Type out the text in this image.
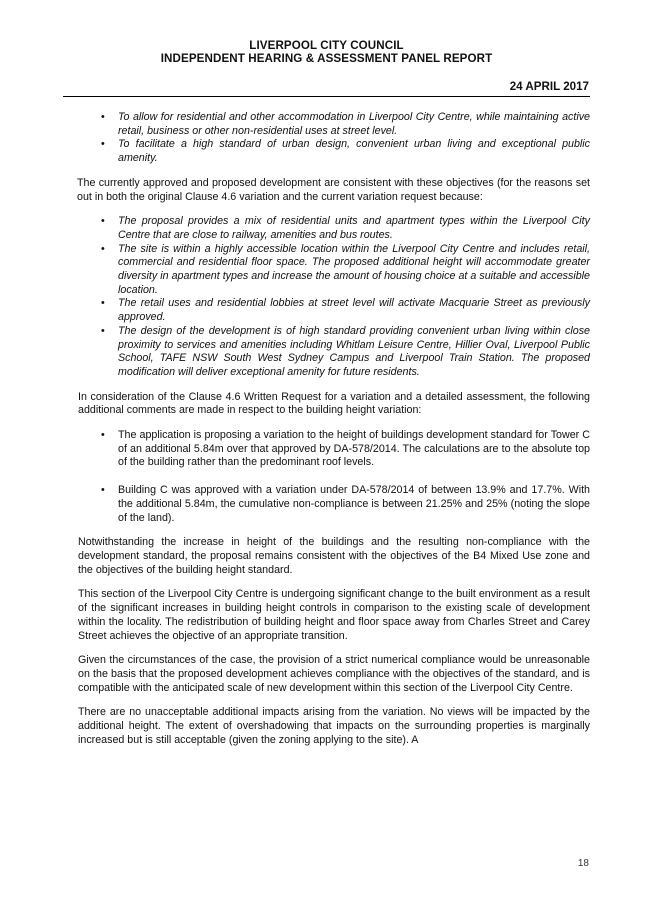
LIVERPOOL CITY COUNCIL
INDEPENDENT HEARING & ASSESSMENT PANEL REPORT
24 APRIL 2017
• To allow for residential and other accommodation in Liverpool City Centre, while maintaining active retail, business or other non-residential uses at street level.
• To facilitate a high standard of urban design, convenient urban living and exceptional public amenity.

The currently approved and proposed development are consistent with these objectives (for the reasons set out in both the original Clause 4.6 variation and the current variation request because:

• The proposal provides a mix of residential units and apartment types within the Liverpool City Centre that are close to railway, amenities and bus routes.
• The site is within a highly accessible location within the Liverpool City Centre and includes retail, commercial and residential floor space. The proposed additional height will accommodate greater diversity in apartment types and increase the amount of housing choice at a suitable and accessible location.
• The retail uses and residential lobbies at street level will activate Macquarie Street as previously approved.
• The design of the development is of high standard providing convenient urban living within close proximity to services and amenities including Whitlam Leisure Centre, Hillier Oval, Liverpool Public School, TAFE NSW South West Sydney Campus and Liverpool Train Station. The proposed modification will deliver exceptional amenity for future residents.

In consideration of the Clause 4.6 Written Request for a variation and a detailed assessment, the following additional comments are made in respect to the building height variation:

• The application is proposing a variation to the height of buildings development standard for Tower C of an additional 5.84m over that approved by DA-578/2014. The calculations are to the absolute top of the building rather than the predominant roof levels.
• Building C was approved with a variation under DA-578/2014 of between 13.9% and 17.7%. With the additional 5.84m, the cumulative non-compliance is between 21.25% and 25% (noting the slope of the land).

Notwithstanding the increase in height of the buildings and the resulting non-compliance with the development standard, the proposal remains consistent with the objectives of the B4 Mixed Use zone and the objectives of the building height standard.

This section of the Liverpool City Centre is undergoing significant change to the built environment as a result of the significant increases in building height controls in comparison to the existing scale of development within the locality. The redistribution of building height and floor space away from Charles Street and Carey Street achieves the objective of an appropriate transition.

Given the circumstances of the case, the provision of a strict numerical compliance would be unreasonable on the basis that the proposed development achieves compliance with the objectives of the standard, and is compatible with the anticipated scale of new development within this section of the Liverpool City Centre.

There are no unacceptable additional impacts arising from the variation. No views will be impacted by the additional height. The extent of overshadowing that impacts on the surrounding properties is marginally increased but is still acceptable (given the zoning applying to the site). A

18
